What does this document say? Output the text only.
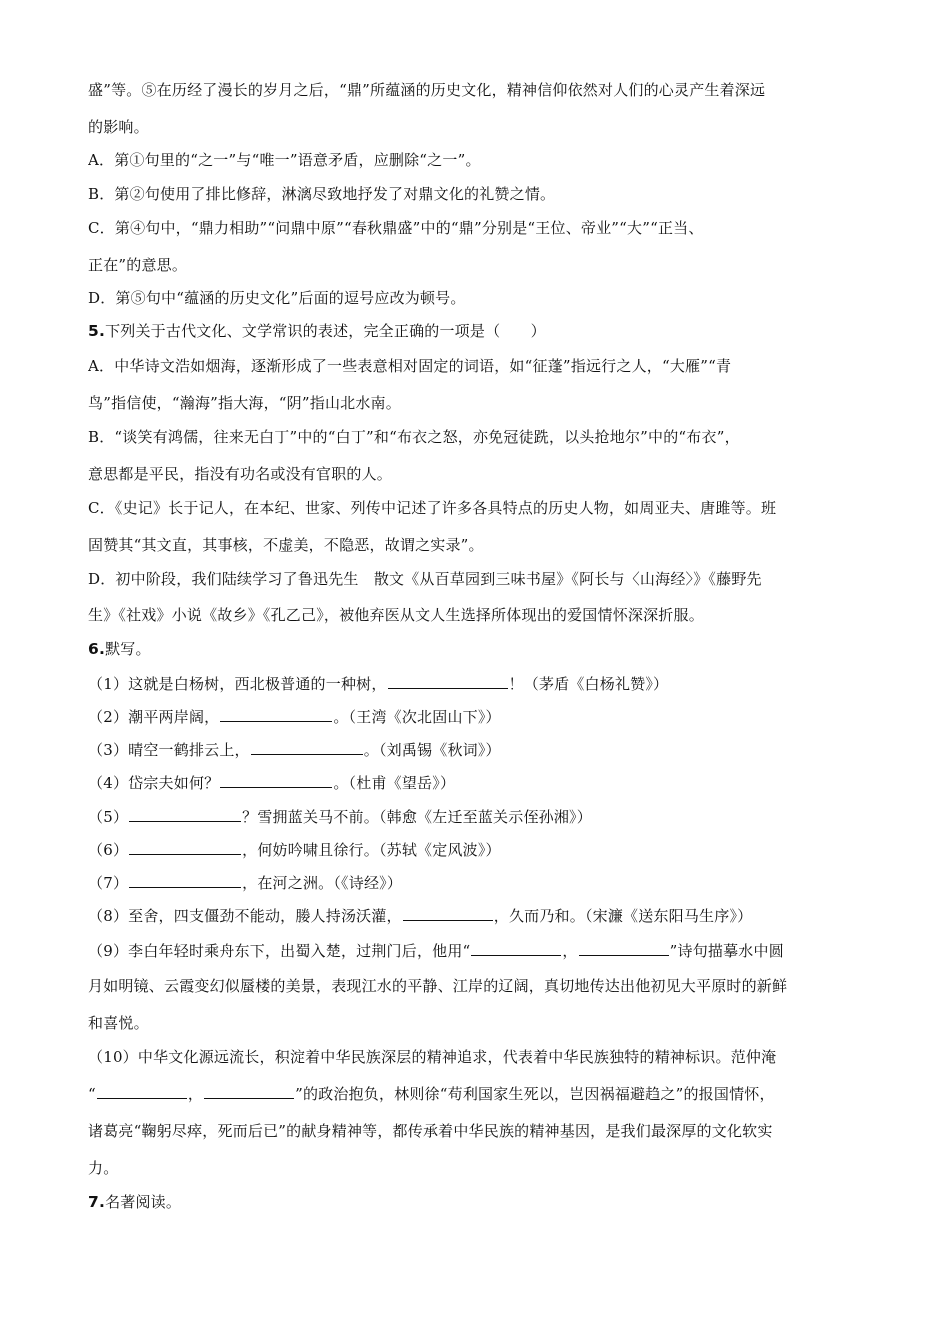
盛”等。⑤在历经了漫长的岁月之后，“鼎”所蕴涵的历史文化，精神信仰依然对人们的心灵产生着深远
的影响。
A．第①句里的“之一”与“唯一”语意矛盾，应删除“之一”。
B．第②句使用了排比修辞，淋漓尽致地抒发了对鼎文化的礼赞之情。
C．第④句中，“鼎力相助”“问鼎中原”“春秋鼎盛”中的“鼎”分别是“王位、帝业”“大”“正当、
正在”的意思。
D．第⑤句中“蕴涵的历史文化”后面的逗号应改为顿号。
5.下列关于古代文化、文学常识的表述，完全正确的一项是（　　）
A．中华诗文浩如烟海，逐渐形成了一些表意相对固定的词语，如“征蓬”指远行之人，“大雁”“青
鸟”指信使，“瀚海”指大海，“阴”指山北水南。
B．“谈笑有鸿儒，往来无白丁”中的“白丁”和“布衣之怒，亦免冠徒跣，以头抢地尔”中的“布衣”，
意思都是平民，指没有功名或没有官职的人。
C．《史记》长于记人，在本纪、世家、列传中记述了许多各具特点的历史人物，如周亚夫、唐雎等。班
固赞其“其文直，其事核，不虚美，不隐恶，故谓之实录”。
D．初中阶段，我们陆续学习了鲁迅先生　散文《从百草园到三味书屋》《阿长与〈山海经〉》《藤野先
生》《社戏》小说《故乡》《孔乙己》，被他弃医从文人生选择所体现出的爱国情怀深深折服。
6.默写。
（1）这就是白杨树，西北极普通的一种树，	！（茅盾《白杨礼赞》）
（2）潮平两岸阔，	。（王湾《次北固山下》）
（3）晴空一鹤排云上，	。（刘禹锡《秋词》）
（4）岱宗夫如何？	。（杜甫《望岳》）
（5）	？雪拥蓝关马不前。（韩愈《左迁至蓝关示侄孙湘》）
（6）	，何妨吟啸且徐行。（苏轼《定风波》）
（7）	，在河之洲。（《诗经》）
（8）至舍，四支僵劲不能动，媵人持汤沃灌，	，久而乃和。（宋濂《送东阳马生序》）
（9）李白年轻时乘舟东下，出蜀入楚，过荆门后，他用“	，	”诗句描摹水中圆
月如明镜、云霞变幻似蜃楼的美景，表现江水的平静、江岸的辽阔，真切地传达出他初见大平原时的新鲜
和喜悦。
（10）中华文化源远流长，积淀着中华民族深层的精神追求，代表着中华民族独特的精神标识。范仲淹
“	，	”的政治抱负，林则徐“苟利国家生死以，岂因祸福避趋之”的报国情怀，
诸葛亮“鞠躬尽瘁，死而后已”的献身精神等，都传承着中华民族的精神基因，是我们最深厚的文化软实
力。
7.名著阅读。
